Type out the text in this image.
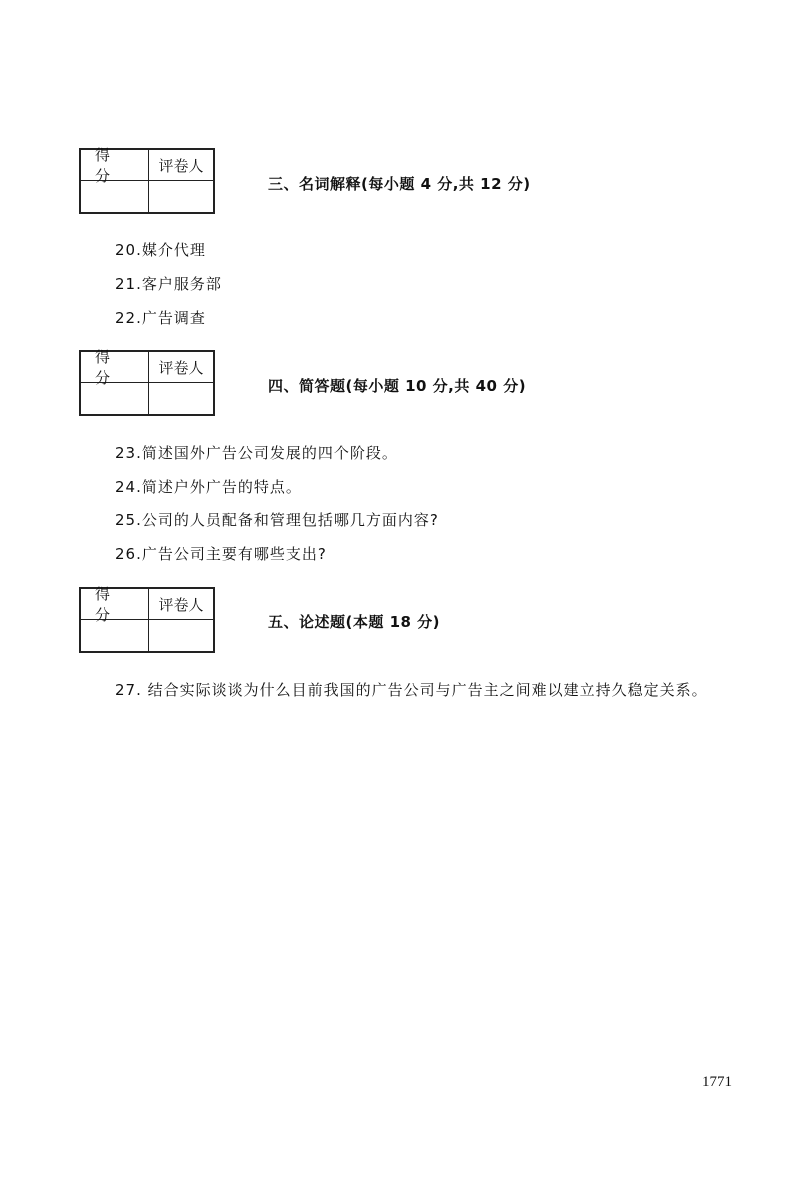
得 分
评卷人
三、名词解释(每小题 4 分,共 12 分)
20.媒介代理
21.客户服务部
22.广告调查
得 分
评卷人
四、简答题(每小题 10 分,共 40 分)
23.简述国外广告公司发展的四个阶段。
24.简述户外广告的特点。
25.公司的人员配备和管理包括哪几方面内容?
26.广告公司主要有哪些支出?
得 分
评卷人
五、论述题(本题 18 分)
27. 结合实际谈谈为什么目前我国的广告公司与广告主之间难以建立持久稳定关系。
1771
